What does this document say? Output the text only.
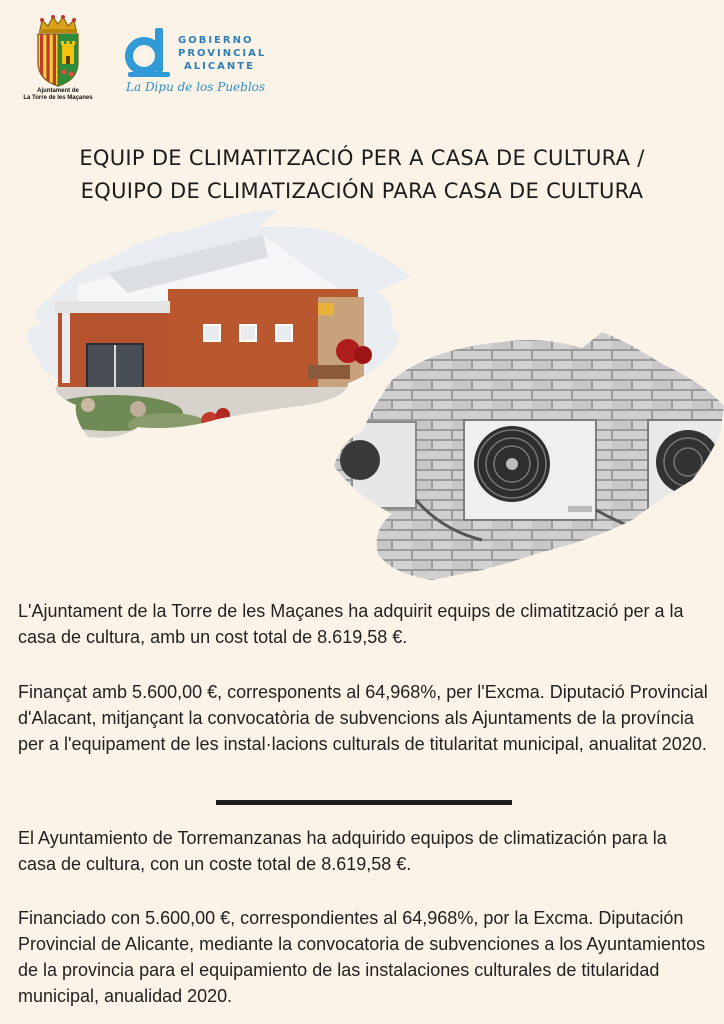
Ajuntament de
La Torre de les Maçanes
GOBIERNO
PROVINCIAL
ALICANTE
La Dipu de los Pueblos
EQUIP DE CLIMATITZACIÓ PER A CASA DE CULTURA /
EQUIPO DE CLIMATIZACIÓN PARA CASA DE CULTURA

L'Ajuntament de la Torre de les Maçanes ha adquirit equips de climatització per a la casa de cultura, amb un cost total de 8.619,58 €.

Finançat amb 5.600,00 €, corresponents al 64,968%, per l'Excma. Diputació Provincial d'Alacant, mitjançant la convocatòria de subvencions als Ajuntaments de la província per a l'equipament de les instal·lacions culturals de titularitat municipal, anualitat 2020.

El Ayuntamiento de Torremanzanas ha adquirido equipos de climatización para la casa de cultura, con un coste total de 8.619,58 €.

Financiado con 5.600,00 €, correspondientes al 64,968%, por la Excma. Diputación Provincial de Alicante, mediante la convocatoria de subvenciones a los Ayuntamientos de la provincia para el equipamiento de las instalaciones culturales de titularidad municipal, anualidad 2020.
